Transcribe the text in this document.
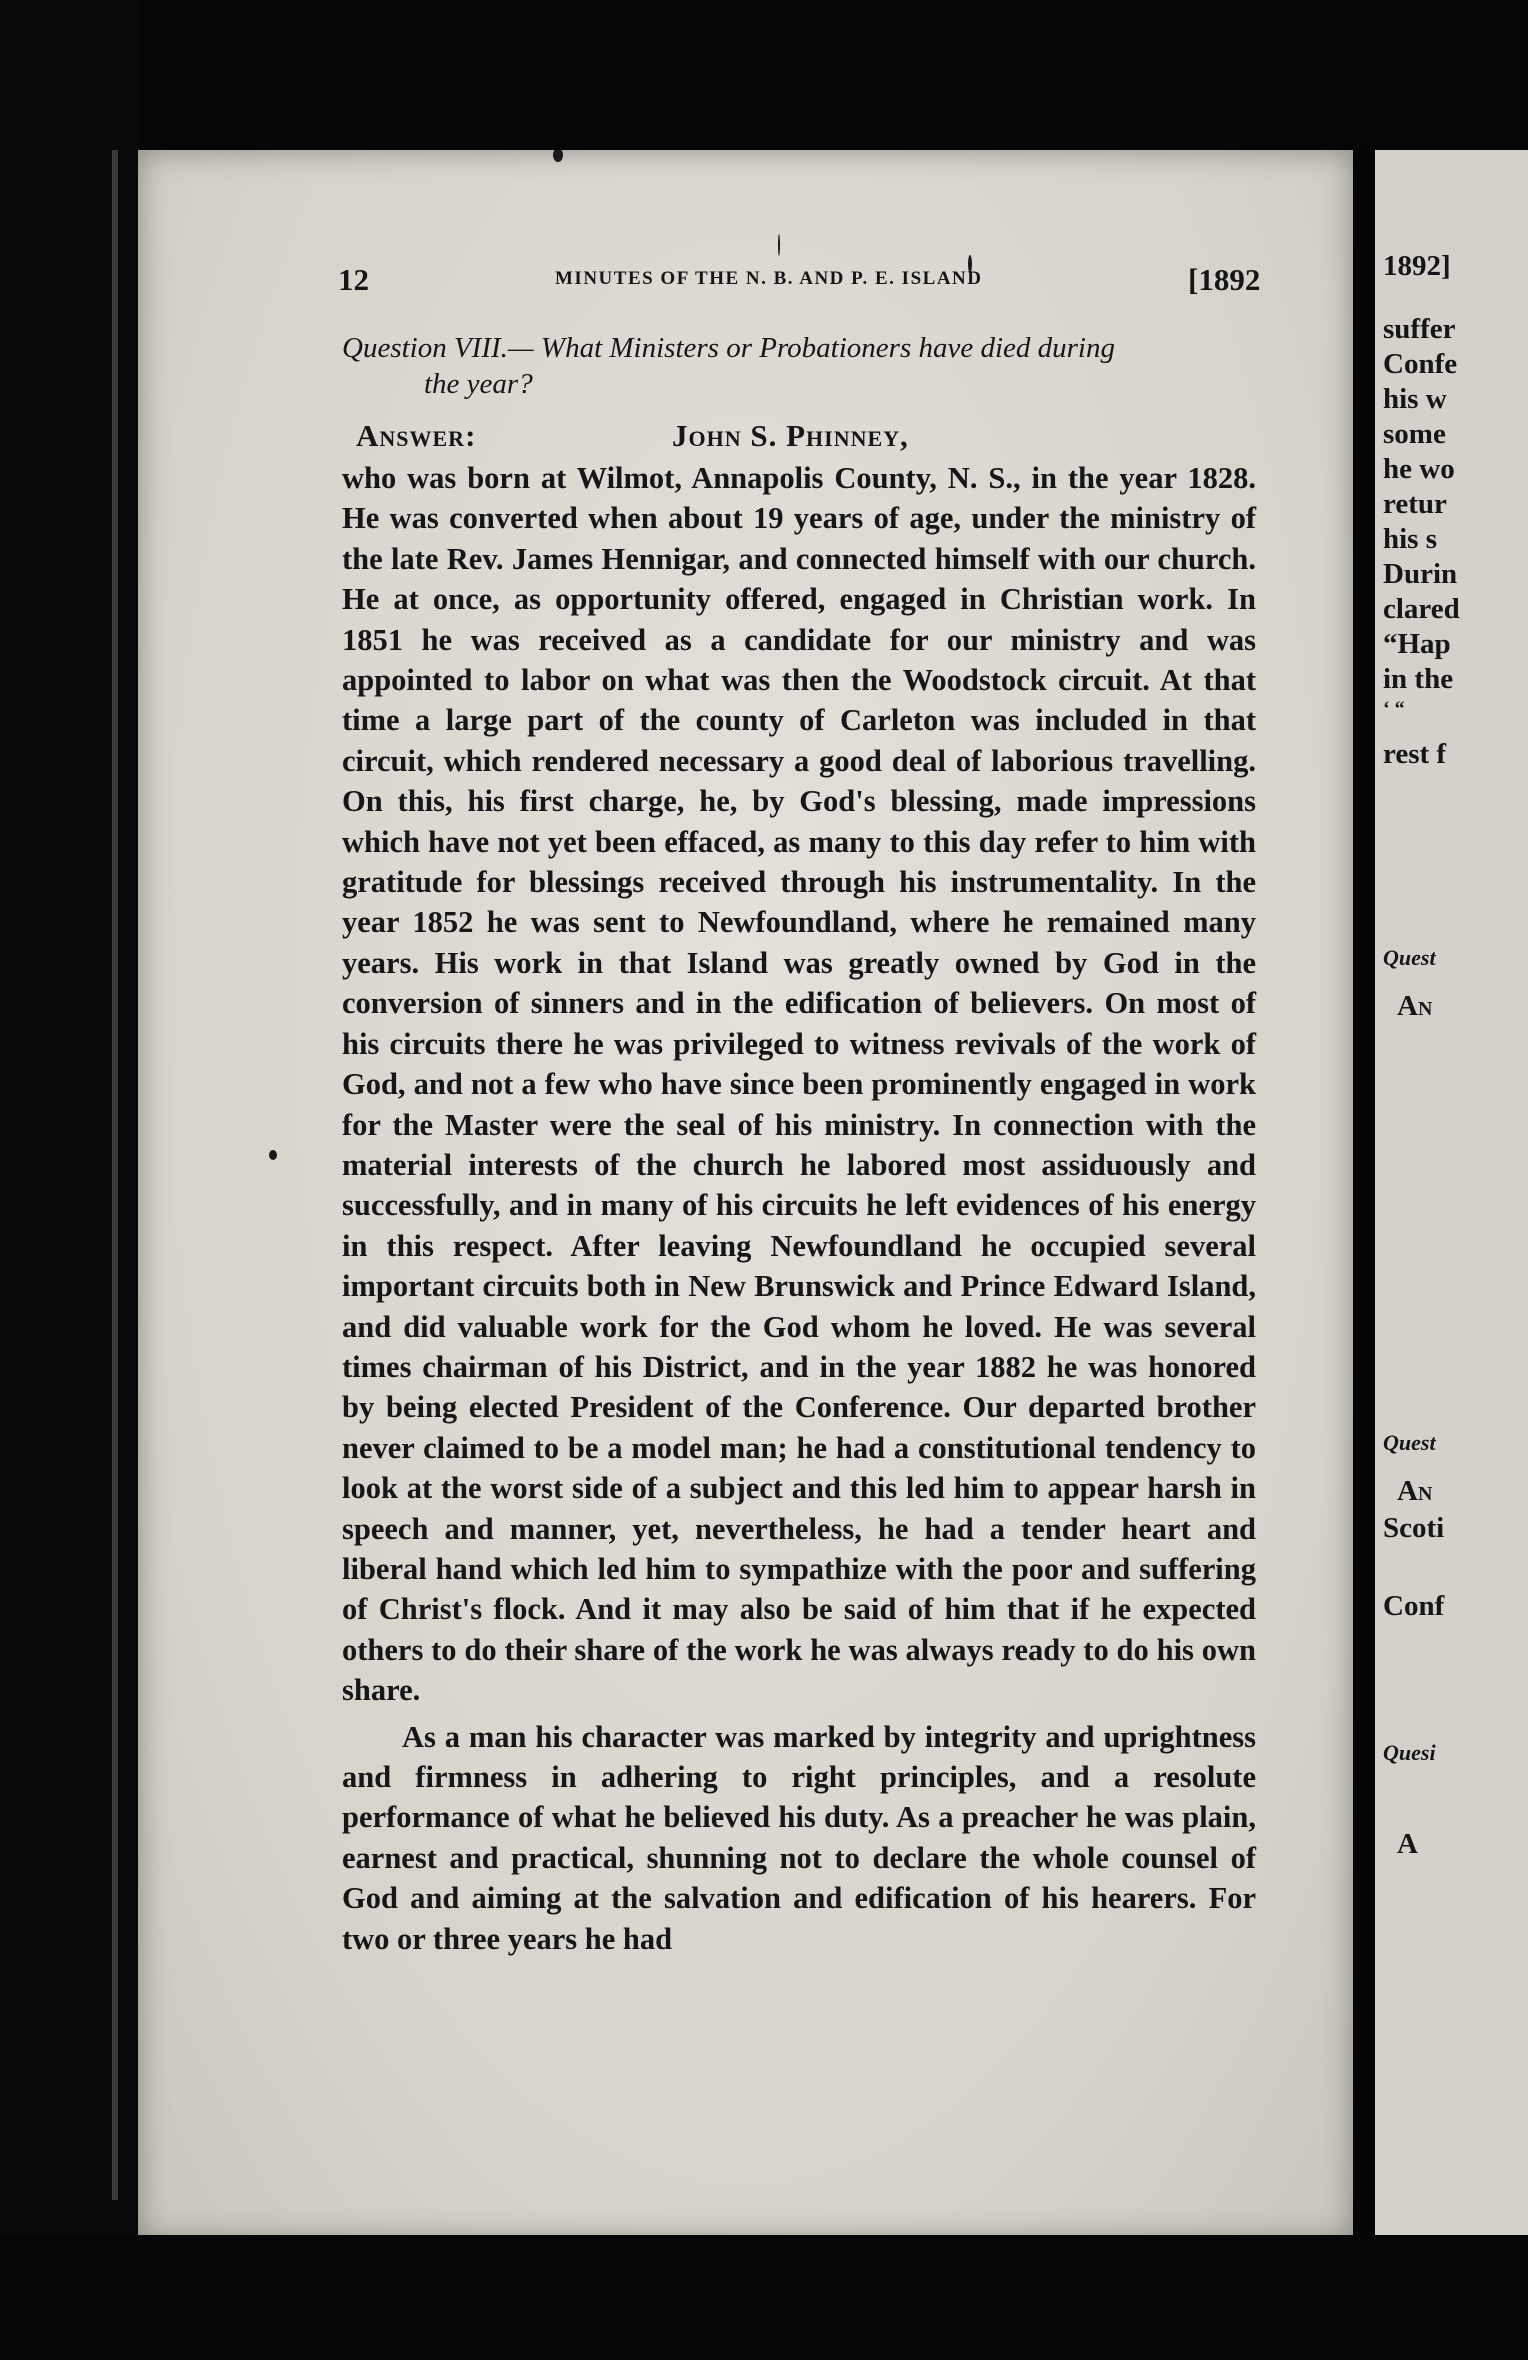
12	MINUTES OF THE N. B. AND P. E. ISLAND	[1892
Question VIII.— What Ministers or Probationers have died during
the year?
Answer:	John S. Phinney,

who was born at Wilmot, Annapolis County, N. S., in the year 1828. He was converted when about 19 years of age, under the ministry of the late Rev. James Hennigar, and connected himself with our church. He at once, as opportunity offered, engaged in Christian work. In 1851 he was received as a candidate for our ministry and was appointed to labor on what was then the Woodstock circuit. At that time a large part of the county of Carleton was included in that circuit, which rendered necessary a good deal of laborious travelling. On this, his first charge, he, by God's blessing, made impressions which have not yet been effaced, as many to this day refer to him with gratitude for blessings received through his instrumentality. In the year 1852 he was sent to Newfoundland, where he remained many years. His work in that Island was greatly owned by God in the conversion of sinners and in the edification of believers. On most of his circuits there he was privileged to witness revivals of the work of God, and not a few who have since been prominently engaged in work for the Master were the seal of his ministry. In connection with the material interests of the church he labored most assiduously and successfully, and in many of his circuits he left evidences of his energy in this respect. After leaving Newfoundland he occupied several important circuits both in New Brunswick and Prince Edward Island, and did valuable work for the God whom he loved. He was several times chairman of his District, and in the year 1882 he was honored by being elected President of the Conference. Our departed brother never claimed to be a model man; he had a constitutional tendency to look at the worst side of a subject and this led him to appear harsh in speech and manner, yet, nevertheless, he had a tender heart and liberal hand which led him to sympathize with the poor and suffering of Christ's flock. And it may also be said of him that if he expected others to do their share of the work he was always ready to do his own share.

As a man his character was marked by integrity and uprightness and firmness in adhering to right principles, and a resolute performance of what he believed his duty. As a preacher he was plain, earnest and practical, shunning not to declare the whole counsel of God and aiming at the salvation and edification of his hearers. For two or three years he had

1892]
suffer
Confe
his w
some
he wo
retur
his s
Durin
clared
“Hap
in the
‘ “
rest f
Quest
An
Quest
An
Scoti
Conf
Quesi
A
